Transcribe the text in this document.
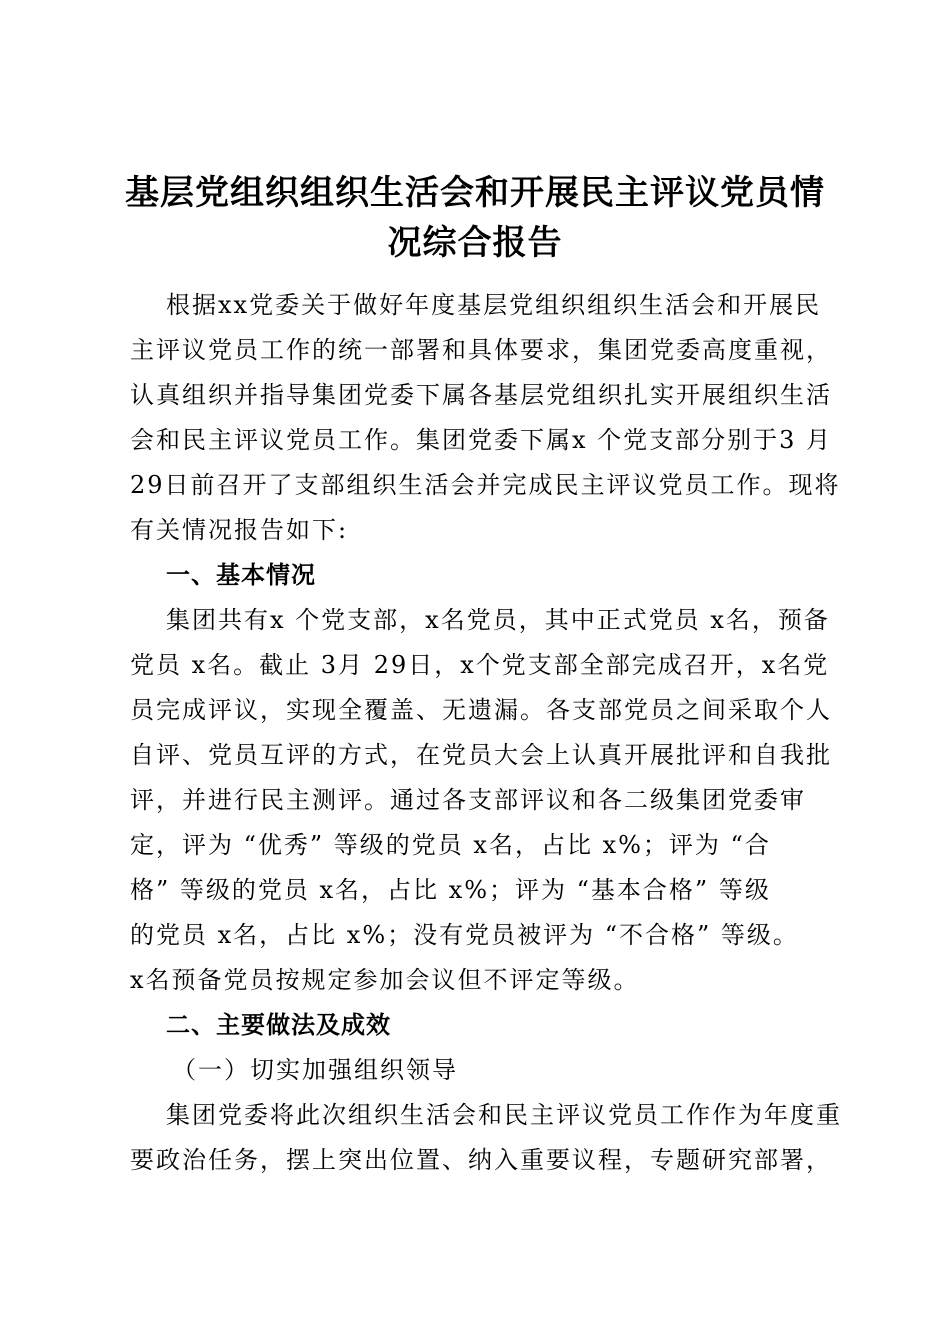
基层党组织组织生活会和开展民主评议党员情
况综合报告
根据xx党委关于做好年度基层党组织组织生活会和开展民
主评议党员工作的统一部署和具体要求，集团党委高度重视，
认真组织并指导集团党委下属各基层党组织扎实开展组织生活
会和民主评议党员工作。集团党委下属x 个党支部分别于3 月
29日前召开了支部组织生活会并完成民主评议党员工作。现将
有关情况报告如下:
一、基本情况
集团共有x 个党支部，x名党员，其中正式党员 x名，预备
党员 x名。截止 3月 29日，x个党支部全部完成召开，x名党
员完成评议，实现全覆盖、无遗漏。各支部党员之间采取个人
自评、党员互评的方式，在党员大会上认真开展批评和自我批
评，并进行民主测评。通过各支部评议和各二级集团党委审
定，评为 “优秀” 等级的党员 x名，占比 x%；评为 “合
格” 等级的党员 x名，占比 x%；评为 “基本合格” 等级
的党员 x名，占比 x%；没有党员被评为 “不合格” 等级。
x名预备党员按规定参加会议但不评定等级。
二、主要做法及成效
（一）切实加强组织领导
集团党委将此次组织生活会和民主评议党员工作作为年度重
要政治任务，摆上突出位置、纳入重要议程，专题研究部署，
